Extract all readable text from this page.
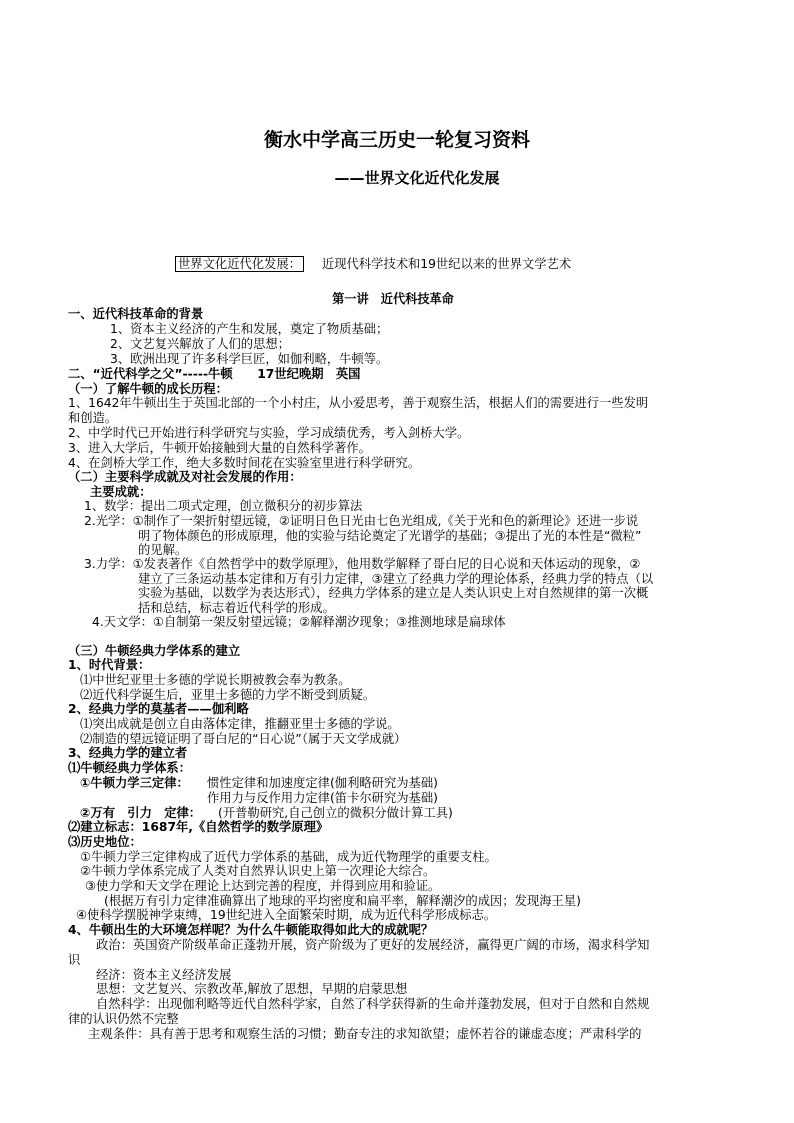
衡水中学高三历史一轮复习资料
——世界文化近代化发展
世界文化近代化发展： 近现代科学技术和19世纪以来的世界文学艺术
第一讲　近代科技革命
一、近代科技革命的背景
1、资本主义经济的产生和发展，奠定了物质基础；
2、文艺复兴解放了人们的思想；
3、欧洲出现了许多科学巨匠，如伽利略，牛顿等。
二、“近代科学之父”-----牛顿　　17世纪晚期　英国
（一）了解牛顿的成长历程：
1、1642年牛顿出生于英国北部的一个小村庄，从小爱思考，善于观察生活，根据人们的需要进行一些发明
和创造。
2、中学时代已开始进行科学研究与实验，学习成绩优秀，考入剑桥大学。
3、进入大学后，牛顿开始接触到大量的自然科学著作。
4、在剑桥大学工作，绝大多数时间花在实验室里进行科学研究。
（二）主要科学成就及对社会发展的作用：
主要成就：
1、数学：提出二项式定理，创立微积分的初步算法
2.光学：①制作了一架折射望远镜，②证明日色日光由七色光组成,《关于光和色的新理论》还进一步说
明了物体颜色的形成原理，他的实验与结论奠定了光谱学的基础；③提出了光的本性是“微粒”
的见解。
3.力学：①发表著作《自然哲学中的数学原理》，他用数学解释了哥白尼的日心说和天体运动的现象，②
建立了三条运动基本定律和万有引力定律，③建立了经典力学的理论体系，经典力学的特点（以
实验为基础，以数学为表达形式），经典力学体系的建立是人类认识史上对自然规律的第一次概
括和总结，标志着近代科学的形成。
4.天文学：①自制第一架反射望远镜；②解释潮汐现象；③推测地球是扁球体
（三）牛顿经典力学体系的建立
1、时代背景：
⑴中世纪亚里士多德的学说长期被教会奉为教条。
⑵近代科学诞生后，亚里士多德的力学不断受到质疑。
2、经典力学的莫基者——伽利略
⑴突出成就是创立自由落体定律，推翻亚里士多德的学说。
⑵制造的望远镜证明了哥白尼的“日心说”（属于天文学成就）
3、经典力学的建立者
⑴牛顿经典力学体系：
①牛顿力学三定律： 惯性定律和加速度定律(伽利略研究为基础)
作用力与反作用力定律(笛卡尔研究为基础)
②万有　引力　定律： (开普勒研究,自己创立的微积分做计算工具)
⑵建立标志：1687年,《自然哲学的数学原理》
⑶历史地位：
①牛顿力学三定律构成了近代力学体系的基础，成为近代物理学的重要支柱。
②牛顿力学体系完成了人类对自然界认识史上第一次理论大综合。
③使力学和天文学在理论上达到完善的程度，并得到应用和验证。
(根据万有引力定律准确算出了地球的平均密度和扁平率，解释潮汐的成因；发现海王星)
④使科学摆脱神学束缚，19世纪进入全面繁荣时期，成为近代科学形成标志。
4、牛顿出生的大环境怎样呢？为什么牛顿能取得如此大的成就呢？
政治：英国资产阶级革命正蓬勃开展，资产阶级为了更好的发展经济，赢得更广阔的市场，渴求科学知
识
经济：资本主义经济发展
思想：文艺复兴、宗教改革,解放了思想，早期的启蒙思想
自然科学：出现伽利略等近代自然科学家，自然了科学获得新的生命并蓬勃发展，但对于自然和自然规
律的认识仍然不完整
主观条件：具有善于思考和观察生活的习惯；勤奋专注的求知欲望；虚怀若谷的谦虚态度；严肃科学的
